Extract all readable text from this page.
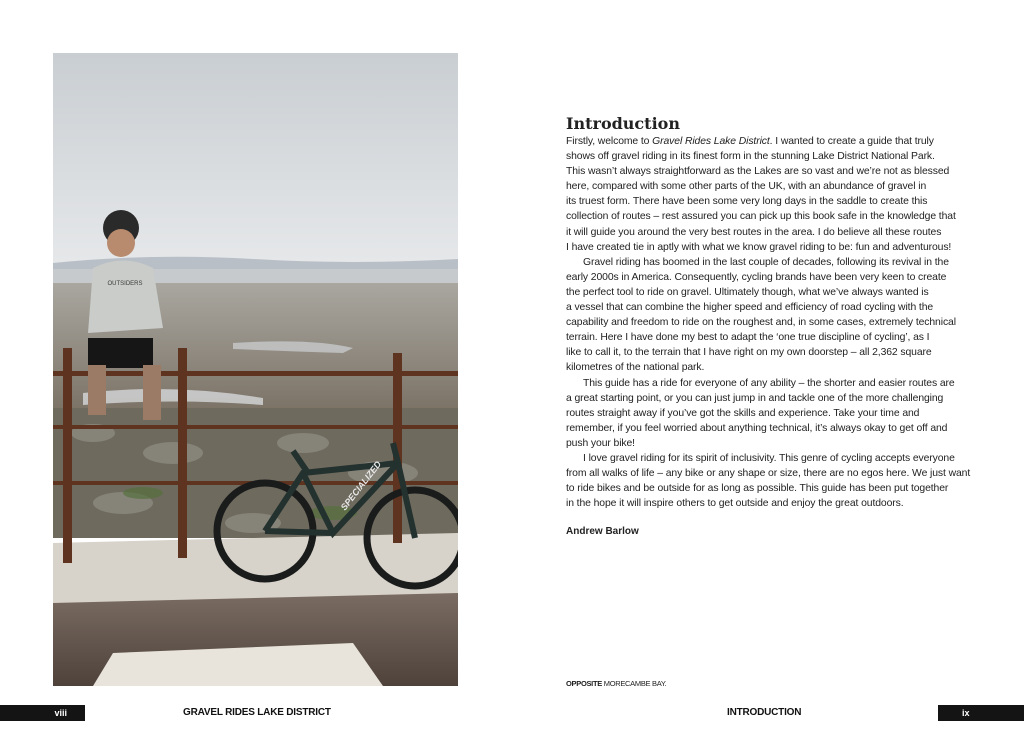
SPECIALIZED
OUTSIDERS
Introduction
Firstly, welcome to Gravel Rides Lake District. I wanted to create a guide that truly
shows off gravel riding in its finest form in the stunning Lake District National Park.
This wasn’t always straightforward as the Lakes are so vast and we’re not as blessed
here, compared with some other parts of the UK, with an abundance of gravel in
its truest form. There have been some very long days in the saddle to create this
collection of routes – rest assured you can pick up this book safe in the knowledge that
it will guide you around the very best routes in the area. I do believe all these routes
I have created tie in aptly with what we know gravel riding to be: fun and adventurous!
Gravel riding has boomed in the last couple of decades, following its revival in the
early 2000s in America. Consequently, cycling brands have been very keen to create
the perfect tool to ride on gravel. Ultimately though, what we’ve always wanted is
a vessel that can combine the higher speed and efficiency of road cycling with the
capability and freedom to ride on the roughest and, in some cases, extremely technical
terrain. Here I have done my best to adapt the ‘one true discipline of cycling’, as I
like to call it, to the terrain that I have right on my own doorstep – all 2,362 square
kilometres of the national park.
This guide has a ride for everyone of any ability – the shorter and easier routes are
a great starting point, or you can just jump in and tackle one of the more challenging
routes straight away if you’ve got the skills and experience. Take your time and
remember, if you feel worried about anything technical, it’s always okay to get off and
push your bike!
I love gravel riding for its spirit of inclusivity. This genre of cycling accepts everyone
from all walks of life – any bike or any shape or size, there are no egos here. We just want
to ride bikes and be outside for as long as possible. This guide has been put together
in the hope it will inspire others to get outside and enjoy the great outdoors.
Andrew Barlow
OPPOSITE MORECAMBE BAY.
viii	GRAVEL RIDES LAKE DISTRICT	INTRODUCTION	ix
